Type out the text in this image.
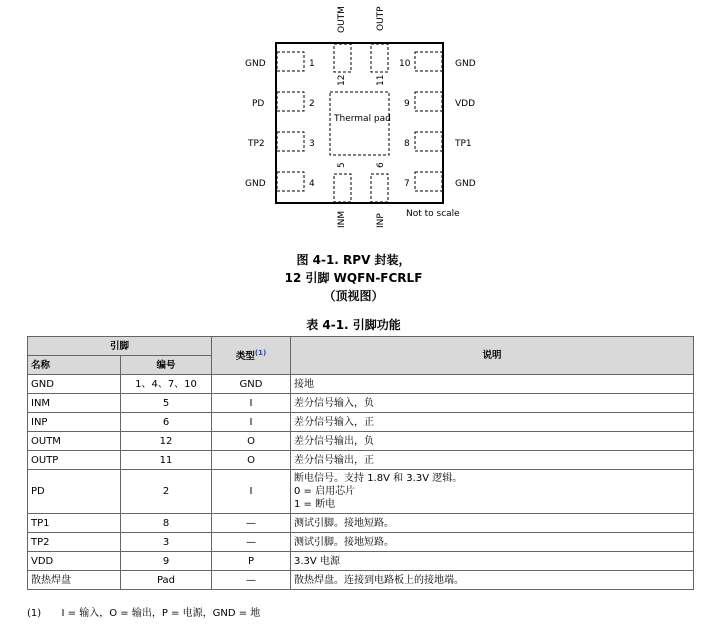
OUTM	OUTP
12	11
5	6
INM	INP
GND
PD
TP2
GND
1
2
3
4
10
9
8
7
GND
VDD
TP1
GND
Thermal pad
Not to scale
图 4-1. RPV 封装，
12 引脚 WQFN-FCRLF
（顶视图）
表 4-1. 引脚功能
引脚		类型$^{(1)}$	说明
名称	编号		
GND	1、4、7、10	GND	接地
INM	5	I	差分信号输入，负
INP	6	I	差分信号输入，正
OUTM	12	O	差分信号输出，负
OUTP	11	O	差分信号输出，正
PD	2	I	断电信号。支持 1.8V 和 3.3V 逻辑。
0 = 启用芯片
1 = 断电

TP1	8	—	测试引脚。接地短路。
TP2	3	—	测试引脚。接地短路。
VDD	9	P	3.3V 电源
散热焊盘	Pad	—	散热焊盘。连接到电路板上的接地端。
(1) I = 输入，O = 输出，P = 电源，GND = 地
